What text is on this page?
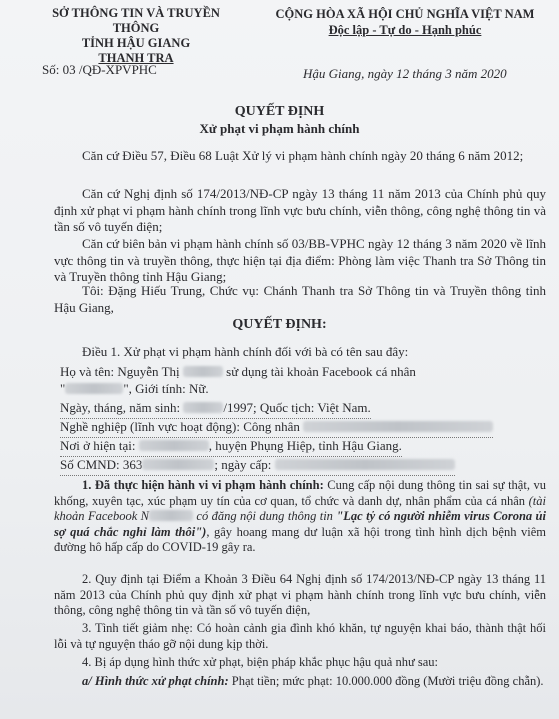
SỞ THÔNG TIN VÀ TRUYỀN THÔNG
TỈNH HẬU GIANG
THANH TRA
CỘNG HÒA XÃ HỘI CHỦ NGHĨA VIỆT NAM
Độc lập - Tự do - Hạnh phúc
Số: 03 /QĐ-XPVPHC	Hậu Giang, ngày 12 tháng 3 năm 2020
QUYẾT ĐỊNH
Xử phạt vi phạm hành chính
Căn cứ Điều 57, Điều 68 Luật Xử lý vi phạm hành chính ngày 20 tháng 6 năm 2012;
Căn cứ Nghị định số 174/2013/NĐ-CP ngày 13 tháng 11 năm 2013 của Chính phủ quy định xử phạt vi phạm hành chính trong lĩnh vực bưu chính, viễn thông, công nghệ thông tin và tần số vô tuyến điện;
Căn cứ biên bản vi phạm hành chính số 03/BB-VPHC ngày 12 tháng 3 năm 2020 về lĩnh vực thông tin và truyền thông, thực hiện tại địa điểm: Phòng làm việc Thanh tra Sở Thông tin và Truyền thông tỉnh Hậu Giang;
Tôi: Đặng Hiếu Trung, Chức vụ: Chánh Thanh tra Sở Thông tin và Truyền thông tỉnh Hậu Giang,
QUYẾT ĐỊNH:
Điều 1. Xử phạt vi phạm hành chính đối với bà có tên sau đây:
Họ và tên: Nguyễn Thị	sử dụng tài khoản Facebook cá nhân
"	", Giới tính: Nữ.
Ngày, tháng, năm sinh:	/1997; Quốc tịch: Việt Nam.
Nghề nghiệp (lĩnh vực hoạt động): Công nhân
Nơi ở hiện tại:	, huyện Phụng Hiệp, tỉnh Hậu Giang.
Số CMND: 363	; ngày cấp:
1. Đã thực hiện hành vi vi phạm hành chính: Cung cấp nội dung thông tin sai sự thật, vu khống, xuyên tạc, xúc phạm uy tín của cơ quan, tổ chức và danh dự, nhân phẩm của cá nhân (tài khoản Facebook N	có đăng nội dung thông tin "Lạc tỷ có người nhiễm virus Corona ủi sợ quá chắc nghỉ làm thôi"), gây hoang mang dư luận xã hội trong tình hình dịch bệnh viêm đường hô hấp cấp do COVID-19 gây ra.
2. Quy định tại Điểm a Khoản 3 Điều 64 Nghị định số 174/2013/NĐ-CP ngày 13 tháng 11 năm 2013 của Chính phủ quy định xử phạt vi phạm hành chính trong lĩnh vực bưu chính, viễn thông, công nghệ thông tin và tần số vô tuyến điện,
3. Tình tiết giảm nhẹ: Có hoàn cảnh gia đình khó khăn, tự nguyện khai báo, thành thật hối lỗi và tự nguyện tháo gỡ nội dung kịp thời.
4. Bị áp dụng hình thức xử phạt, biện pháp khắc phục hậu quả như sau:
a/ Hình thức xử phạt chính: Phạt tiền; mức phạt: 10.000.000 đồng (Mười triệu đồng chẵn).
